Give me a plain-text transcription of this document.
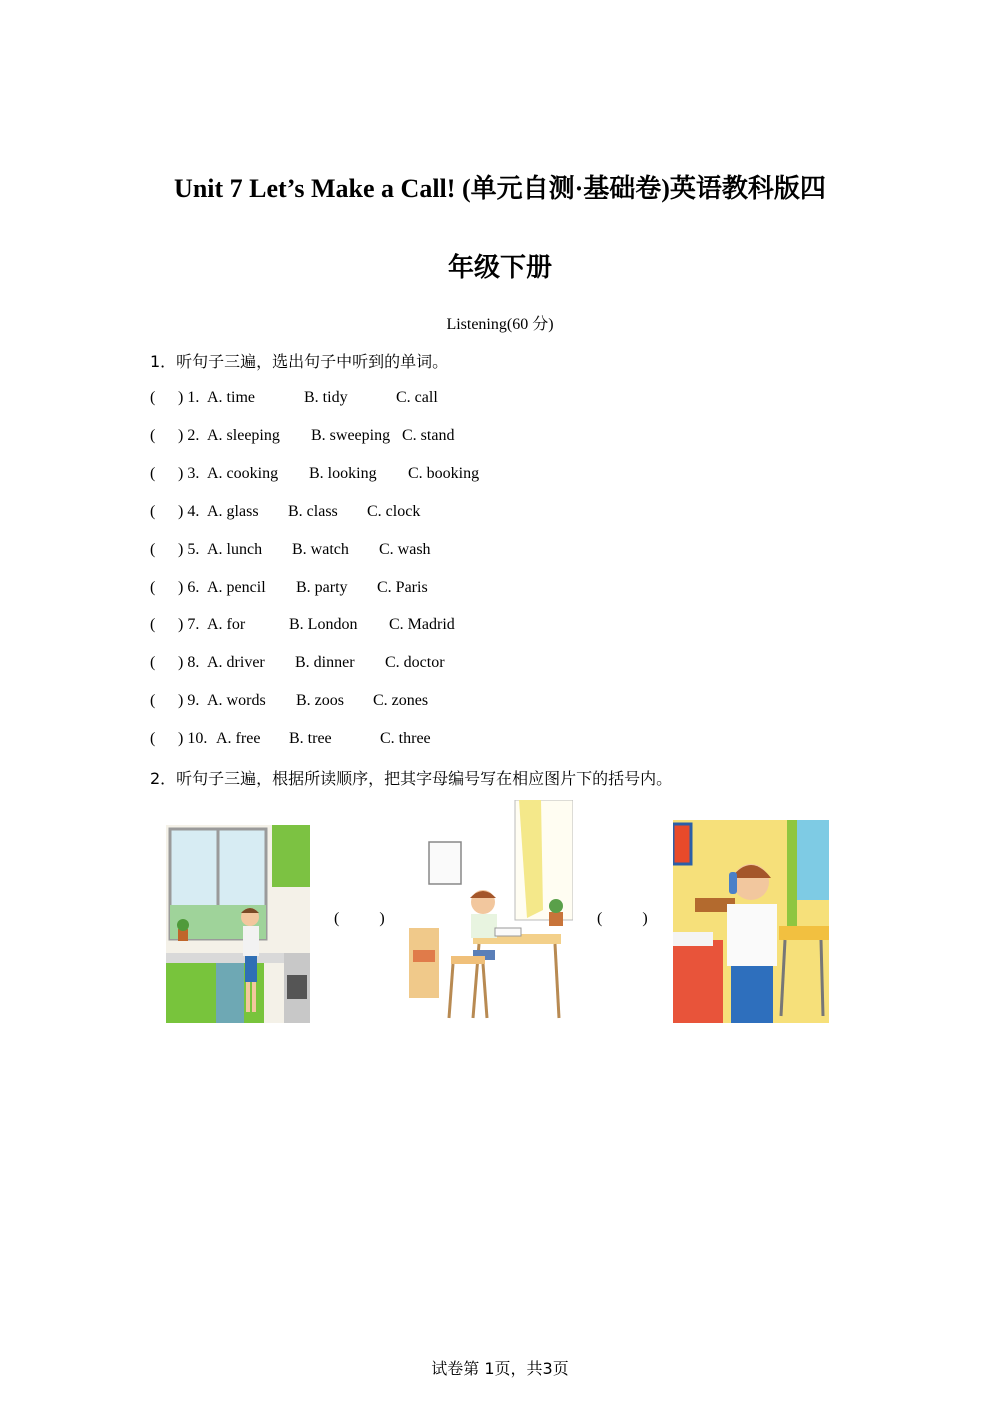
Unit 7 Let’s Make a Call! (单元自测·基础卷)英语教科版四
年级下册
Listening(60 分)
1．听句子三遍，选出句子中听到的单词。
( ) 1. A. time	B. tidy	C. call
( ) 2. A. sleeping B. sweeping C. stand
( ) 3. A. cooking B. looking C. booking
( ) 4. A. glass B. class C. clock
( ) 5. A. lunch B. watch C. wash
( ) 6. A. pencil B. party C. Paris
( ) 7. A. for	B. London C. Madrid
( ) 8. A. driver B. dinner C. doctor
( ) 9. A. words B. zoos C. zones
( ) 10. A. free B. tree	C. three
2．听句子三遍，根据所读顺序，把其字母编号写在相应图片下的括号内。
(          )	(          )
试卷第 1页，共3页
